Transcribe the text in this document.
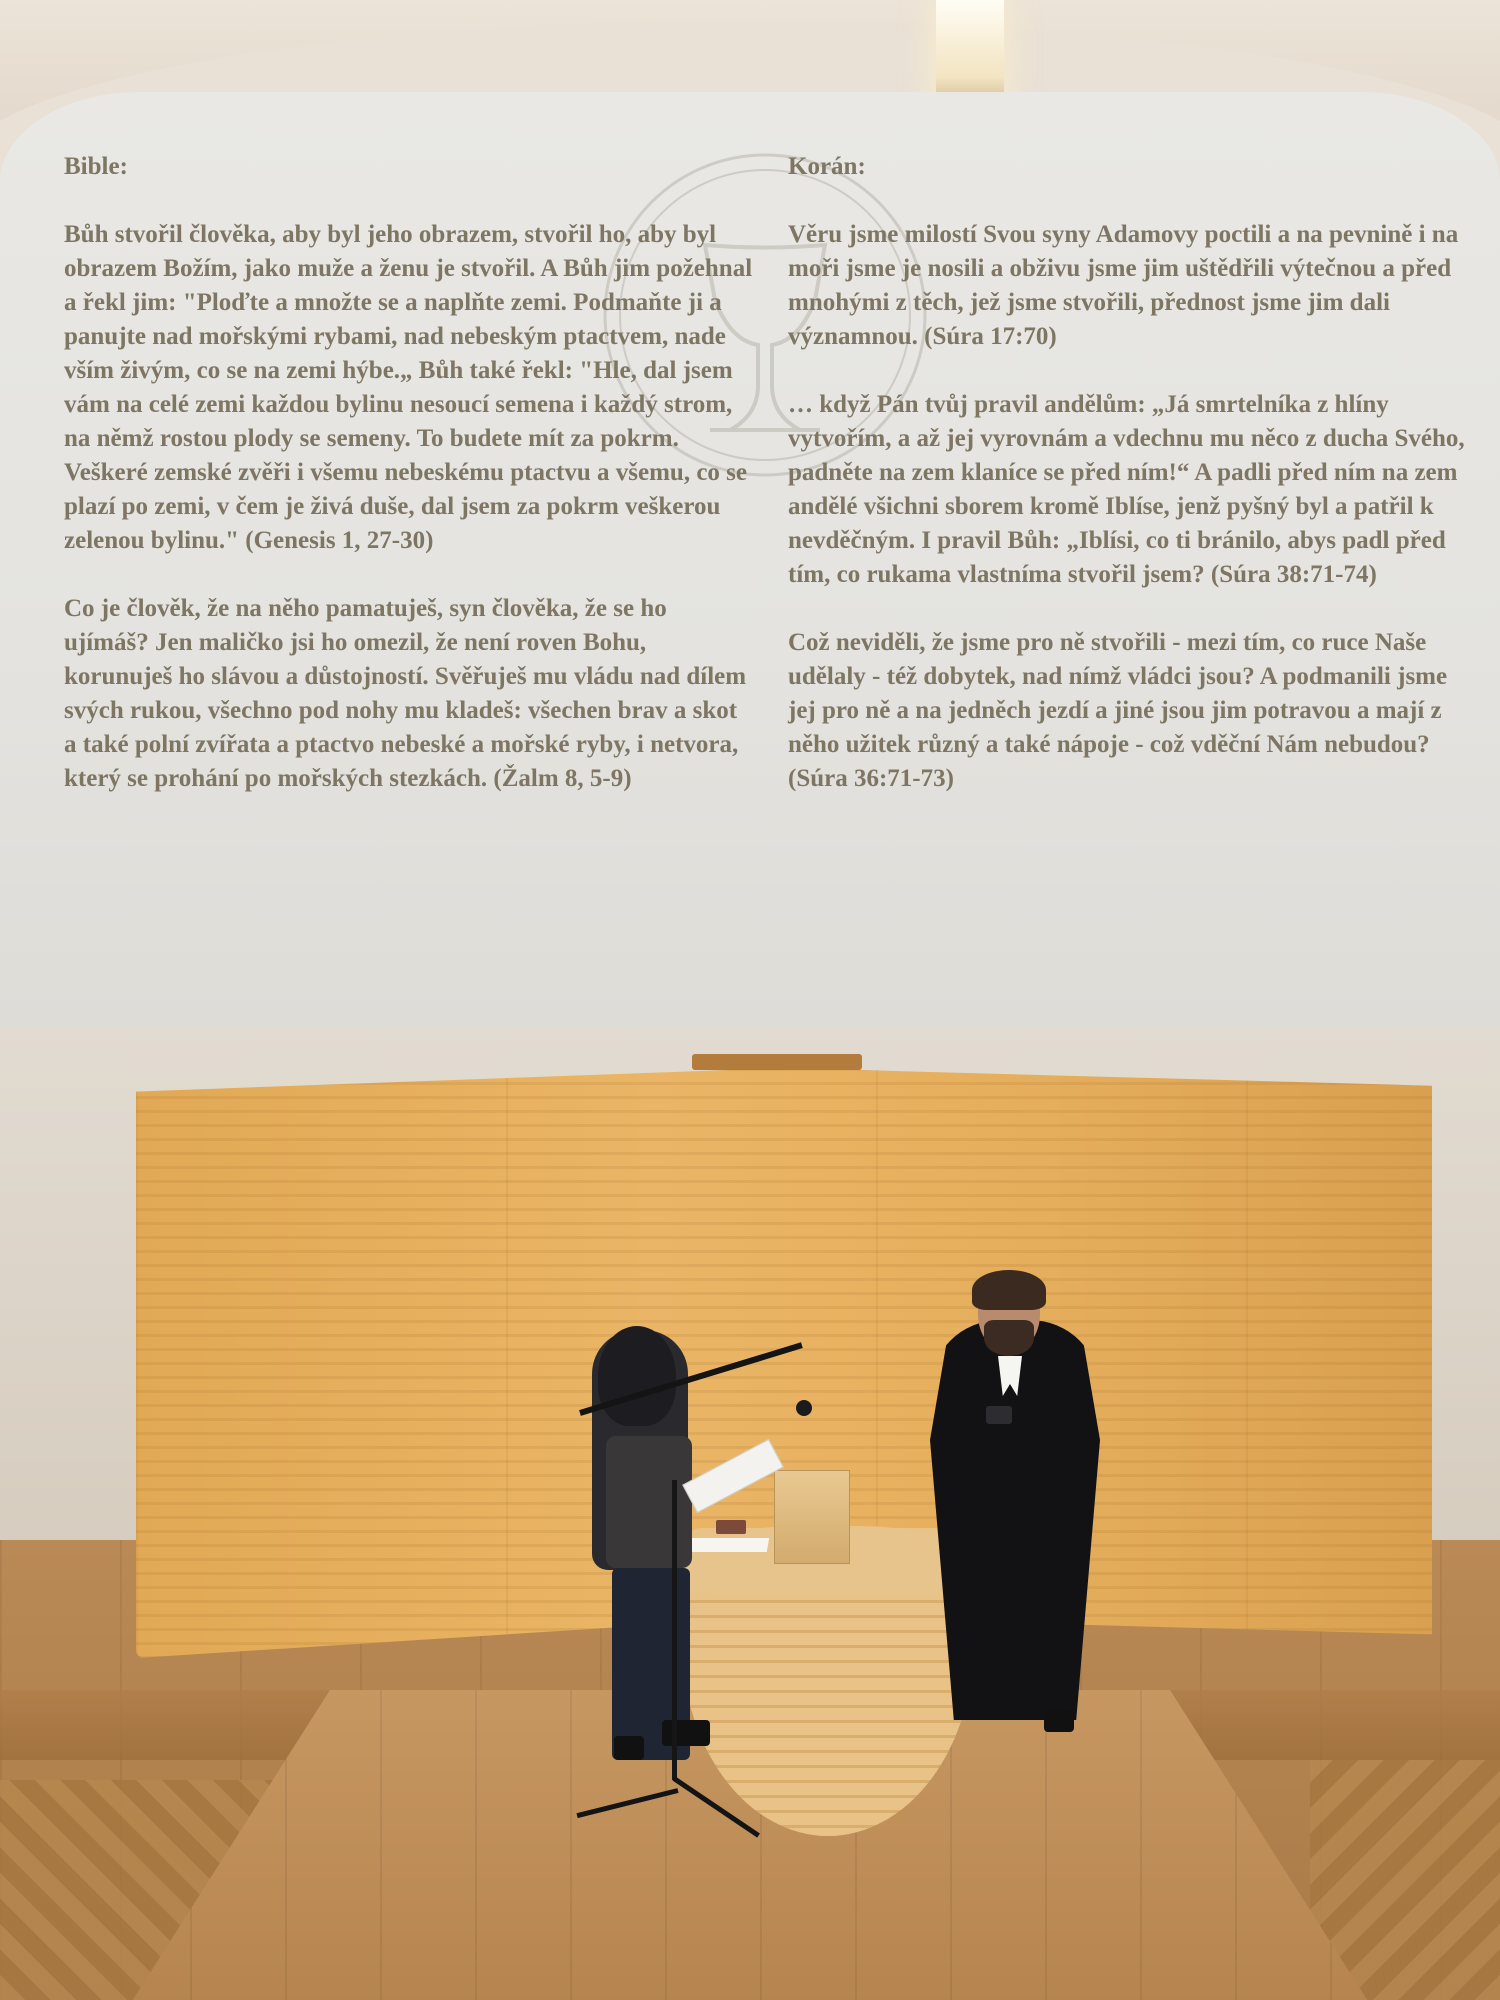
Bible:

Bůh stvořil člověka, aby byl jeho obrazem, stvořil ho, aby byl obrazem Božím, jako muže a ženu je stvořil. A Bůh jim požehnal a řekl jim: "Ploďte a množte se a naplňte zemi. Podmaňte ji a panujte nad mořskými rybami, nad nebeským ptactvem, nade vším živým, co se na zemi hýbe.„ Bůh také řekl: "Hle, dal jsem vám na celé zemi každou bylinu nesoucí semena i každý strom, na němž rostou plody se semeny. To budete mít za pokrm. Veškeré zemské zvěři i všemu nebeskému ptactvu a všemu, co se plazí po zemi, v čem je živá duše, dal jsem za pokrm veškerou zelenou bylinu." (Genesis 1, 27-30)

Co je člověk, že na něho pamatuješ, syn člověka, že se ho ujímáš? Jen maličko jsi ho omezil, že není roven Bohu, korunuješ ho slávou a důstojností. Svěřuješ mu vládu nad dílem svých rukou, všechno pod nohy mu kladeš: všechen brav a skot a také polní zvířata a ptactvo nebeské a mořské ryby, i netvora, který se prohání po mořských stezkách. (Žalm 8, 5-9)

Korán:

Věru jsme milostí Svou syny Adamovy poctili a na pevnině i na moři jsme je nosili a obživu jsme jim uštědřili výtečnou a před mnohými z těch, jež jsme stvořili, přednost jsme jim dali významnou. (Súra 17:70)

… když Pán tvůj pravil andělům: „Já smrtelníka z hlíny vytvořím, a až jej vyrovnám a vdechnu mu něco z ducha Svého, padněte na zem klaníce se před ním!“ A padli před ním na zem andělé všichni sborem kromě Iblíse, jenž pyšný byl a patřil k nevděčným. I pravil Bůh: „Iblísi, co ti bránilo, abys padl před tím, co rukama vlastníma stvořil jsem? (Súra 38:71-74)

Což neviděli, že jsme pro ně stvořili - mezi tím, co ruce Naše udělaly - též dobytek, nad nímž vládci jsou? A podmanili jsme jej pro ně a na jedněch jezdí a jiné jsou jim potravou a mají z něho užitek různý a také nápoje - což vděční Nám nebudou? (Súra 36:71-73)
